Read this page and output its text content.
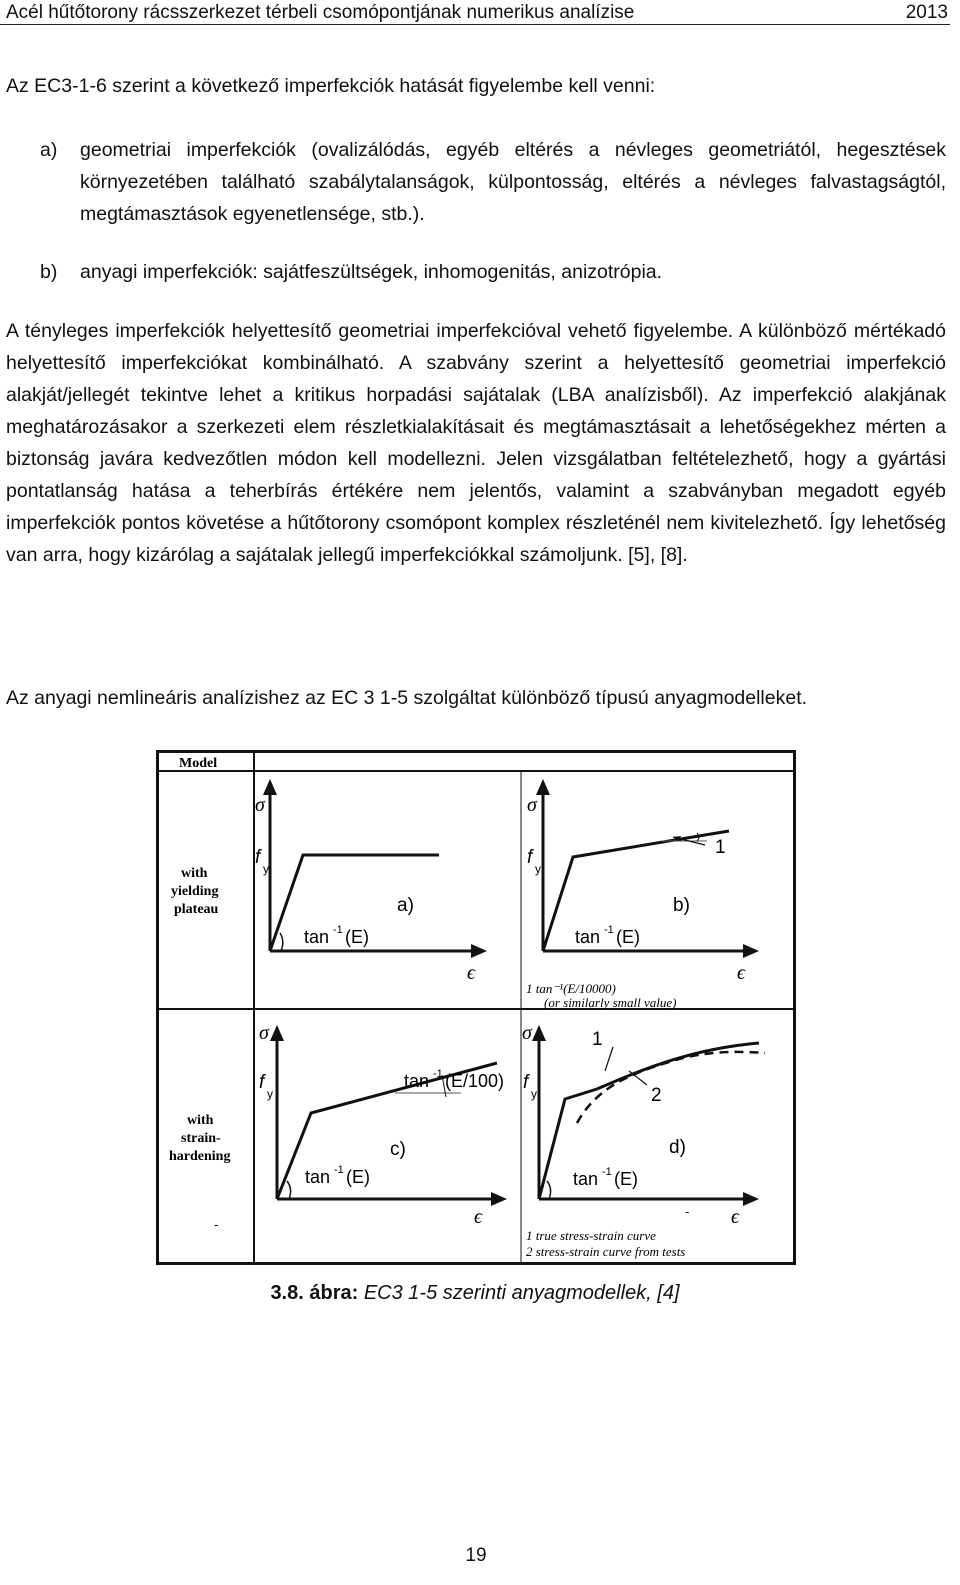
Acél hűtőtorony rácsszerkezet térbeli csomópontjának numerikus analízise	2013

Az EC3-1-6 szerint a következő imperfekciók hatását figyelembe kell venni:

a) geometriai imperfekciók (ovalizálódás, egyéb eltérés a névleges geometriától, hegesztések környezetében található szabálytalanságok, külpontosság, eltérés a névleges falvastagságtól, megtámasztások egyenetlensége, stb.).

b) anyagi imperfekciók: sajátfeszültségek, inhomogenitás, anizotrópia.

A tényleges imperfekciók helyettesítő geometriai imperfekcióval vehető figyelembe. A különböző mértékadó helyettesítő imperfekciókat kombinálható. A szabvány szerint a helyettesítő geometriai imperfekció alakját/jellegét tekintve lehet a kritikus horpadási sajátalak (LBA analízisből). Az imperfekció alakjának meghatározásakor a szerkezeti elem részletkialakításait és megtámasztásait a lehetőségekhez mérten a biztonság javára kedvezőtlen módon kell modellezni. Jelen vizsgálatban feltételezhető, hogy a gyártási pontatlanság hatása a teherbírás értékére nem jelentős, valamint a szabványban megadott egyéb imperfekciók pontos követése a hűtőtorony csomópont komplex részleténél nem kivitelezhető. Így lehetőség van arra, hogy kizárólag a sajátalak jellegű imperfekciókkal számoljunk. [5], [8].

Az anyagi nemlineáris analízishez az EC 3 1-5 szolgáltat különböző típusú anyagmodelleket.

Model
with
yielding
plateau
with
strain-
hardening
σ
f
y
tan -1 (E)
a)
ϵ
σ
f
y
1
tan -1 (E)
b)
ϵ
1 tan⁻¹(E/10000)
(or similarly small value)
σ
f
y
tan -1 (E/100)
c)
tan -1 (E)
ϵ
-
σ
f
y
1
2
d)
tan -1 (E)
ϵ
-
1 true stress-strain curve
2 stress-strain curve from tests
3.8. ábra: EC3 1-5 szerinti anyagmodellek, [4]
19
